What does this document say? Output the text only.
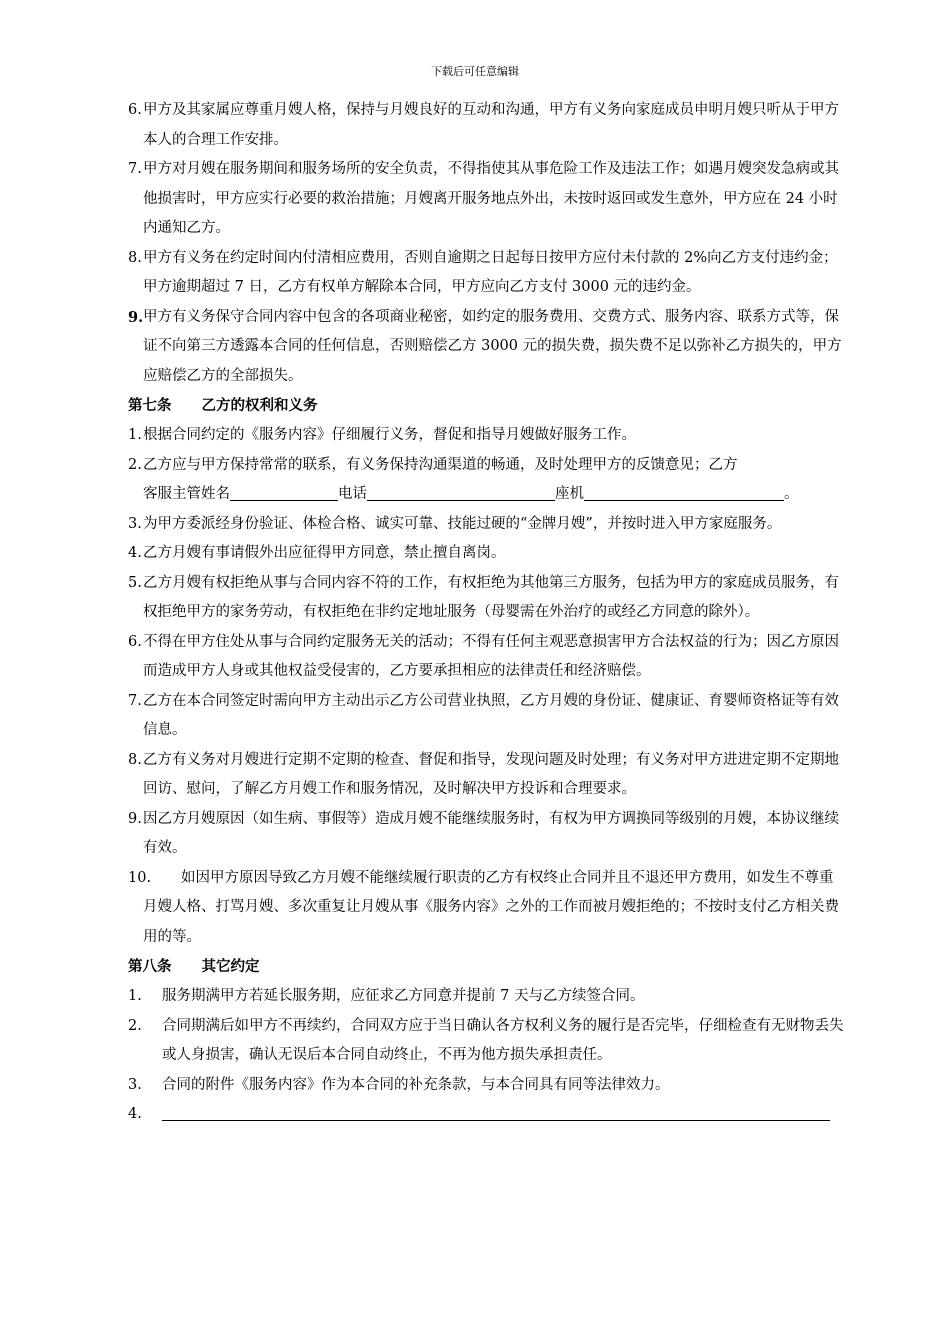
下载后可任意编辑
6. 甲方及其家属应尊重月嫂人格，保持与月嫂良好的互动和沟通，甲方有义务向家庭成员申明月嫂只听从于甲方本人的合理工作安排。
7. 甲方对月嫂在服务期间和服务场所的安全负责，不得指使其从事危险工作及违法工作；如遇月嫂突发急病或其他损害时，甲方应实行必要的救治措施；月嫂离开服务地点外出，未按时返回或发生意外，甲方应在 24 小时内通知乙方。
8. 甲方有义务在约定时间内付清相应费用，否则自逾期之日起每日按甲方应付未付款的 2%向乙方支付违约金；甲方逾期超过 7 日，乙方有权单方解除本合同，甲方应向乙方支付 3000 元的违约金。
9. 甲方有义务保守合同内容中包含的各项商业秘密，如约定的服务费用、交费方式、服务内容、联系方式等，保证不向第三方透露本合同的任何信息，否则赔偿乙方 3000 元的损失费，损失费不足以弥补乙方损失的，甲方应赔偿乙方的全部损失。
第七条 乙方的权利和义务
1. 根据合同约定的《服务内容》仔细履行义务，督促和指导月嫂做好服务工作。
2. 乙方应与甲方保持常常的联系，有义务保持沟通渠道的畅通，及时处理甲方的反馈意见；乙方
客服主管姓名	电话	座机	。
3. 为甲方委派经身份验证、体检合格、诚实可靠、技能过硬的“金牌月嫂”，并按时进入甲方家庭服务。
4. 乙方月嫂有事请假外出应征得甲方同意，禁止擅自离岗。
5. 乙方月嫂有权拒绝从事与合同内容不符的工作，有权拒绝为其他第三方服务，包括为甲方的家庭成员服务，有权拒绝甲方的家务劳动，有权拒绝在非约定地址服务（母婴需在外治疗的或经乙方同意的除外）。
6. 不得在甲方住处从事与合同约定服务无关的活动；不得有任何主观恶意损害甲方合法权益的行为；因乙方原因而造成甲方人身或其他权益受侵害的，乙方要承担相应的法律责任和经济赔偿。
7. 乙方在本合同签定时需向甲方主动出示乙方公司营业执照，乙方月嫂的身份证、健康证、育婴师资格证等有效信息。
8. 乙方有义务对月嫂进行定期不定期的检查、督促和指导，发现问题及时处理；有义务对甲方进进定期不定期地回访、慰问，了解乙方月嫂工作和服务情况，及时解决甲方投诉和合理要求。
9. 因乙方月嫂原因（如生病、事假等）造成月嫂不能继续服务时，有权为甲方调换同等级别的月嫂，本协议继续有效。
10.	如因甲方原因导致乙方月嫂不能继续履行职责的乙方有权终止合同并且不退还甲方费用，如发生不尊重月嫂人格、打骂月嫂、多次重复让月嫂从事《服务内容》之外的工作而被月嫂拒绝的；不按时支付乙方相关费用的等。
第八条 其它约定
1. 服务期满甲方若延长服务期，应征求乙方同意并提前 7 天与乙方续签合同。
2. 合同期满后如甲方不再续约，合同双方应于当日确认各方权利义务的履行是否完毕，仔细检查有无财物丢失或人身损害，确认无误后本合同自动终止，不再为他方损失承担责任。
3. 合同的附件《服务内容》作为本合同的补充条款，与本合同具有同等法律效力。
4.
